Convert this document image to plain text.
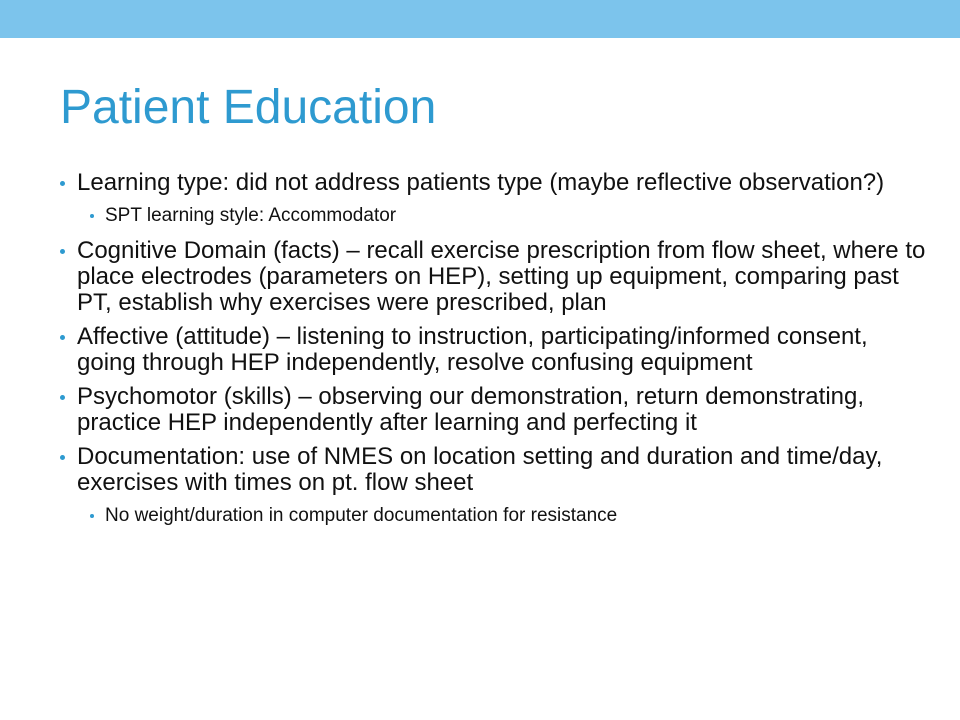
Patient Education
Learning type: did not address patients type (maybe reflective observation?)
SPT learning style: Accommodator
Cognitive Domain (facts) – recall exercise prescription from flow sheet, where to place electrodes (parameters on HEP), setting up equipment, comparing past PT, establish why exercises were prescribed, plan
Affective (attitude) – listening to instruction, participating/informed consent, going through HEP independently, resolve confusing equipment
Psychomotor (skills) – observing our demonstration, return demonstrating, practice HEP independently after learning and perfecting it
Documentation: use of NMES on location setting and duration and time/day, exercises with times on pt. flow sheet
No weight/duration in computer documentation for resistance
